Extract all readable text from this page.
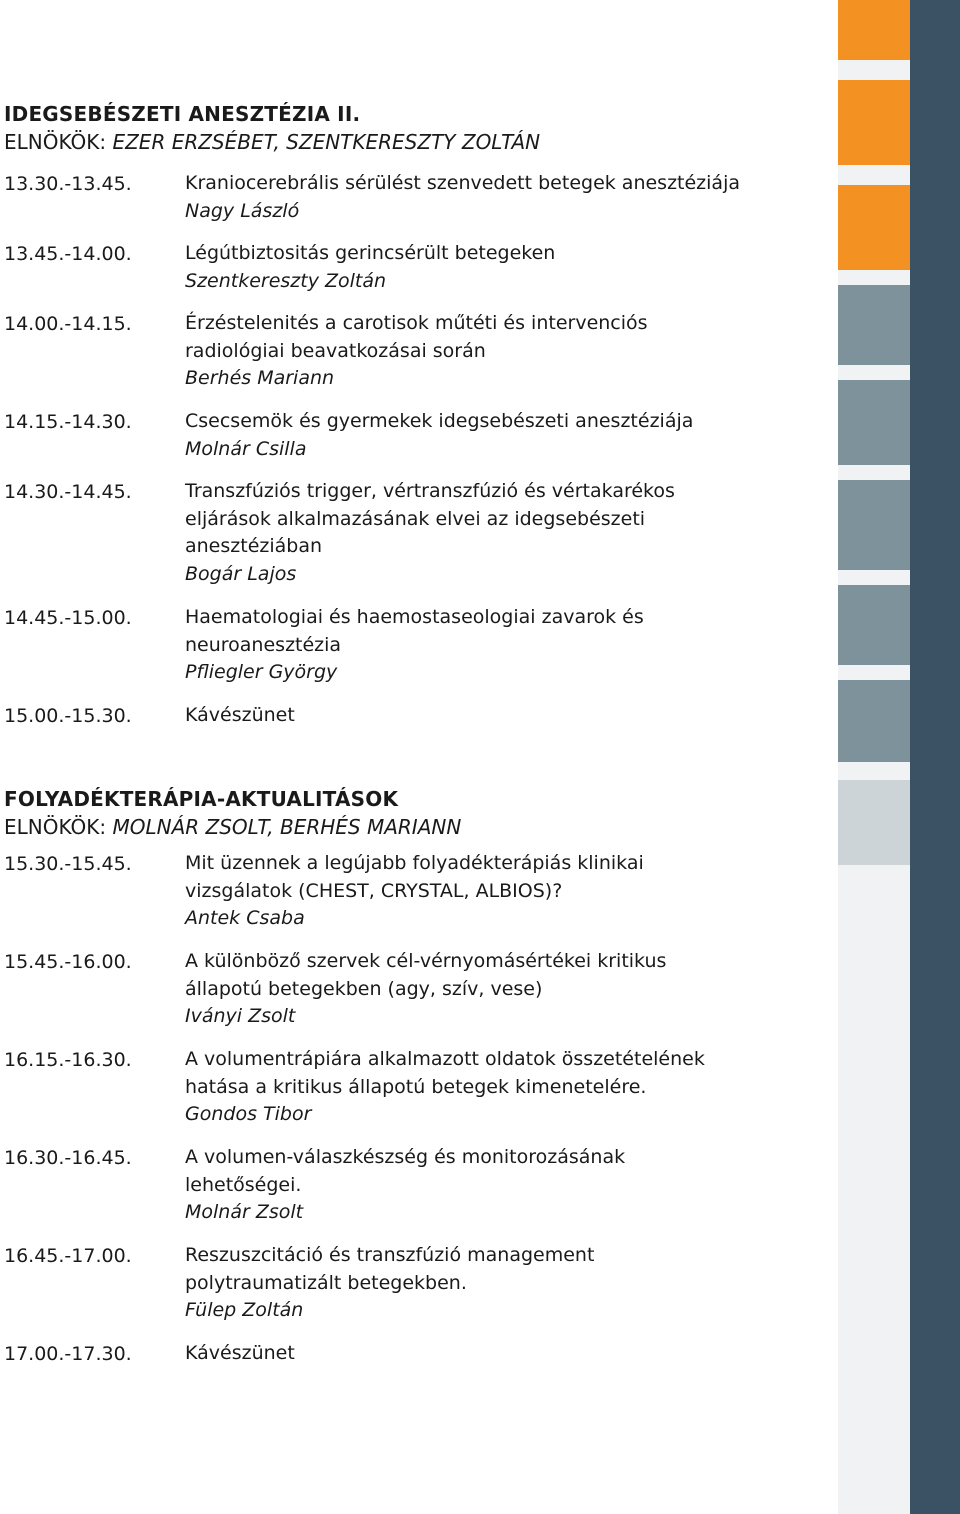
IDEGSEBÉSZETI ANESZTÉZIA II.
ELNÖKÖK: EZER ERZSÉBET, SZENTKERESZTY ZOLTÁN
13.30.-13.45.	Kraniocerebrális sérülést szenvedett betegek anesztéziája
Nagy László
13.45.-14.00.	Légútbiztositás gerincsérült betegeken
Szentkereszty Zoltán
14.00.-14.15.	Érzéstelenités a carotisok műtéti és intervenciós
radiológiai beavatkozásai során
Berhés Mariann
14.15.-14.30.	Csecsemök és gyermekek idegsebészeti anesztéziája
Molnár Csilla
14.30.-14.45.	Transzfúziós trigger, vértranszfúzió és vértakarékos
eljárások alkalmazásának elvei az idegsebészeti
anesztéziában
Bogár Lajos
14.45.-15.00.	Haematologiai és haemostaseologiai zavarok és
neuroanesztézia
Pfliegler György
15.00.-15.30.	Kávészünet
FOLYADÉKTERÁPIA-AKTUALITÁSOK
ELNÖKÖK: MOLNÁR ZSOLT, BERHÉS MARIANN
15.30.-15.45.	Mit üzennek a legújabb folyadékterápiás klinikai
vizsgálatok (CHEST, CRYSTAL, ALBIOS)?
Antek Csaba
15.45.-16.00.	A különböző szervek cél-vérnyomásértékei kritikus
állapotú betegekben (agy, szív, vese)
Iványi Zsolt
16.15.-16.30.	A volumentrápiára alkalmazott oldatok összetételének
hatása a kritikus állapotú betegek kimenetelére.
Gondos Tibor
16.30.-16.45.	A volumen-válaszkészség és monitorozásának
lehetőségei.
Molnár Zsolt
16.45.-17.00.	Reszuszcitáció és transzfúzió management
polytraumatizált betegekben.
Fülep Zoltán
17.00.-17.30.	Kávészünet
